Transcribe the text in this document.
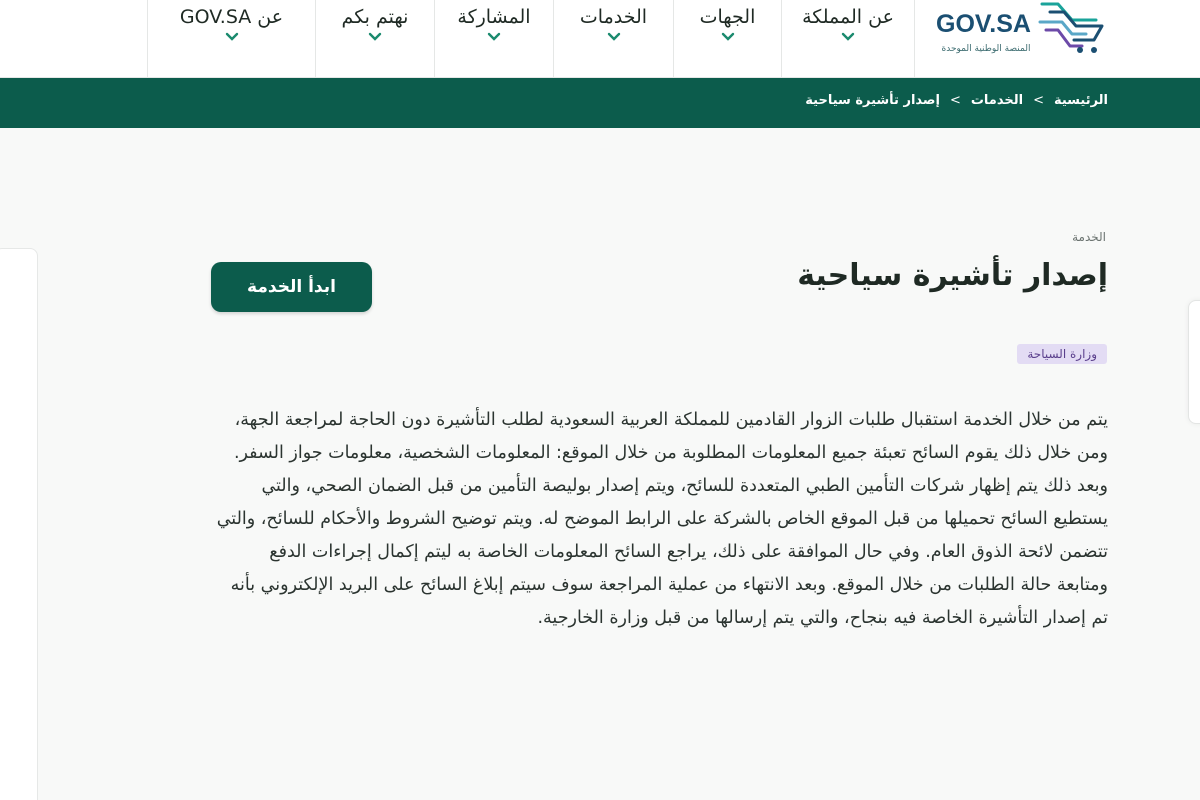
عن GOV.SA	نهتم بكم	المشاركة	الخدمات	الجهات	عن المملكة	GOV.SA
المنصة الوطنية الموحدة
الرئيسية>الخدمات>إصدار تأشيرة سياحية
الخدمة
إصدار تأشيرة سياحية
ابدأ الخدمة
وزارة السياحة

يتم من خلال الخدمة استقبال طلبات الزوار القادمين للمملكة العربية السعودية لطلب التأشيرة دون الحاجة لمراجعة الجهة، ومن خلال ذلك يقوم السائح تعبئة جميع المعلومات المطلوبة من خلال الموقع: المعلومات الشخصية، معلومات جواز السفر. وبعد ذلك يتم إظهار شركات التأمين الطبي المتعددة للسائح، ويتم إصدار بوليصة التأمين من قبل الضمان الصحي، والتي يستطيع السائح تحميلها من قبل الموقع الخاص بالشركة على الرابط الموضح له. ويتم توضيح الشروط والأحكام للسائح، والتي تتضمن لائحة الذوق العام. وفي حال الموافقة على ذلك، يراجع السائح المعلومات الخاصة به ليتم إكمال إجراءات الدفع ومتابعة حالة الطلبات من خلال الموقع. وبعد الانتهاء من عملية المراجعة سوف سيتم إبلاغ السائح على البريد الإلكتروني بأنه تم إصدار التأشيرة الخاصة فيه بنجاح، والتي يتم إرسالها من قبل وزارة الخارجية.
